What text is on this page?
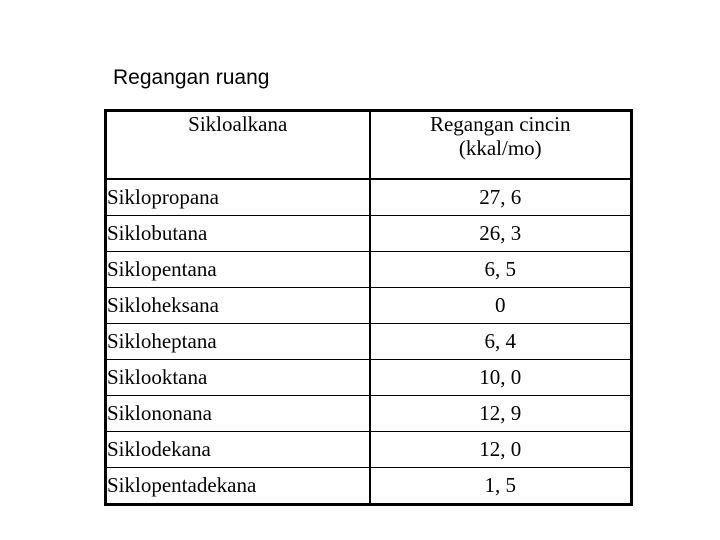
Regangan ruang
Sikloalkana	Regangan cincin
(kkal/mo)

Siklopropana	27, 6
Siklobutana	26, 3
Siklopentana	6, 5
Sikloheksana	0
Sikloheptana	6, 4
Siklooktana	10, 0
Siklononana	12, 9
Siklodekana	12, 0
Siklopentadekana	1, 5
